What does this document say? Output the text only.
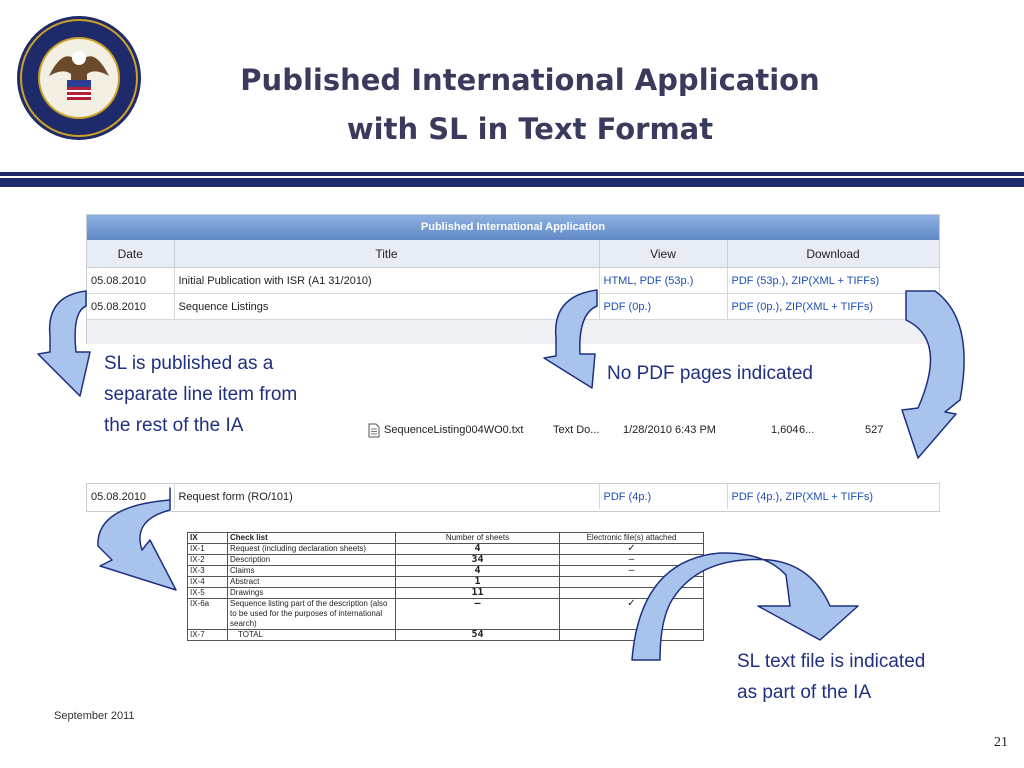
Published International Application
with SL in Text Format
Published International Application
Date	Title	View	Download
05.08.2010	Initial Publication with ISR (A1 31/2010)	HTML, PDF (53p.)	PDF (53p.), ZIP(XML + TIFFs)
05.08.2010	Sequence Listings	PDF (0p.)	PDF (0p.), ZIP(XML + TIFFs)
SL is published as a
separate line item from
the rest of the IA
No PDF pages indicated
SL text file is indicated
as part of the IA
SequenceListing004WO0.txt	Text Do... 1/28/2010 6:43 PM	1,604 6...	527
05.08.2010	Request form (RO/101)	PDF (4p.)	PDF (4p.), ZIP(XML + TIFFs)
IX	Check list	Number of sheets	Electronic file(s) attached
IX-1	Request (including declaration sheets)	4	✓
IX-2	Description	34	–
IX-3	Claims	4	–
IX-4	Abstract	1	
IX-5	Drawings	11	
IX-6a	Sequence listing part of the description (also to be used for the purposes of international search)	–	✓
IX-7	TOTAL	54	
September 2011
21
